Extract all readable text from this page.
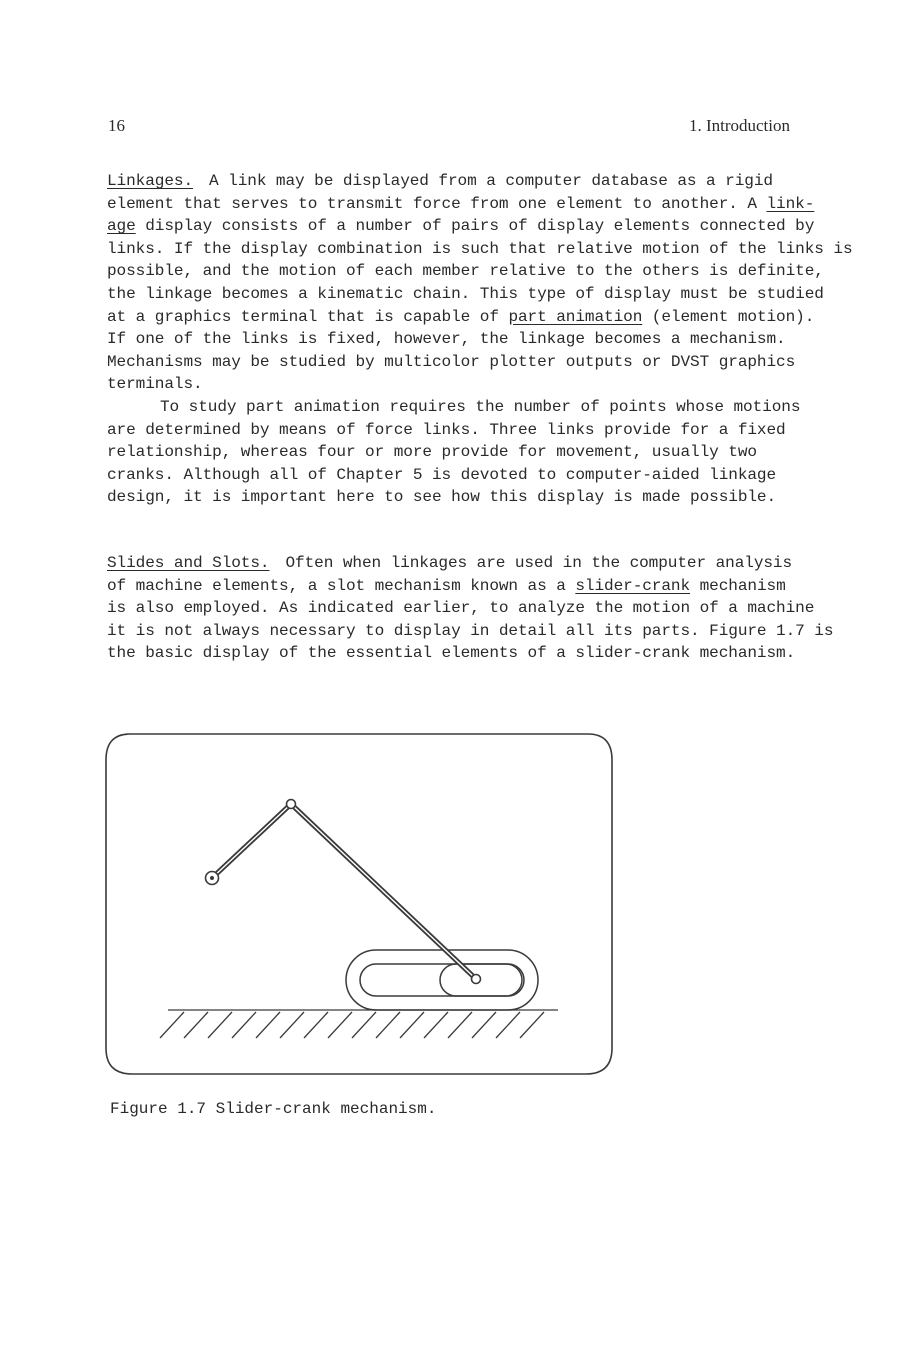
16	1. Introduction
Linkages. A link may be displayed from a computer database as a rigid
element that serves to transmit force from one element to another. A link-
age display consists of a number of pairs of display elements connected by
links. If the display combination is such that relative motion of the links is
possible, and the motion of each member relative to the others is definite,
the linkage becomes a kinematic chain. This type of display must be studied
at a graphics terminal that is capable of part animation (element motion).
If one of the links is fixed, however, the linkage becomes a mechanism.
Mechanisms may be studied by multicolor plotter outputs or DVST graphics
terminals.
To study part animation requires the number of points whose motions
are determined by means of force links. Three links provide for a fixed
relationship, whereas four or more provide for movement, usually two
cranks. Although all of Chapter 5 is devoted to computer-aided linkage
design, it is important here to see how this display is made possible.
Slides and Slots. Often when linkages are used in the computer analysis
of machine elements, a slot mechanism known as a slider-crank mechanism
is also employed. As indicated earlier, to analyze the motion of a machine
it is not always necessary to display in detail all its parts. Figure 1.7 is
the basic display of the essential elements of a slider-crank mechanism.
Figure 1.7 Slider-crank mechanism.
